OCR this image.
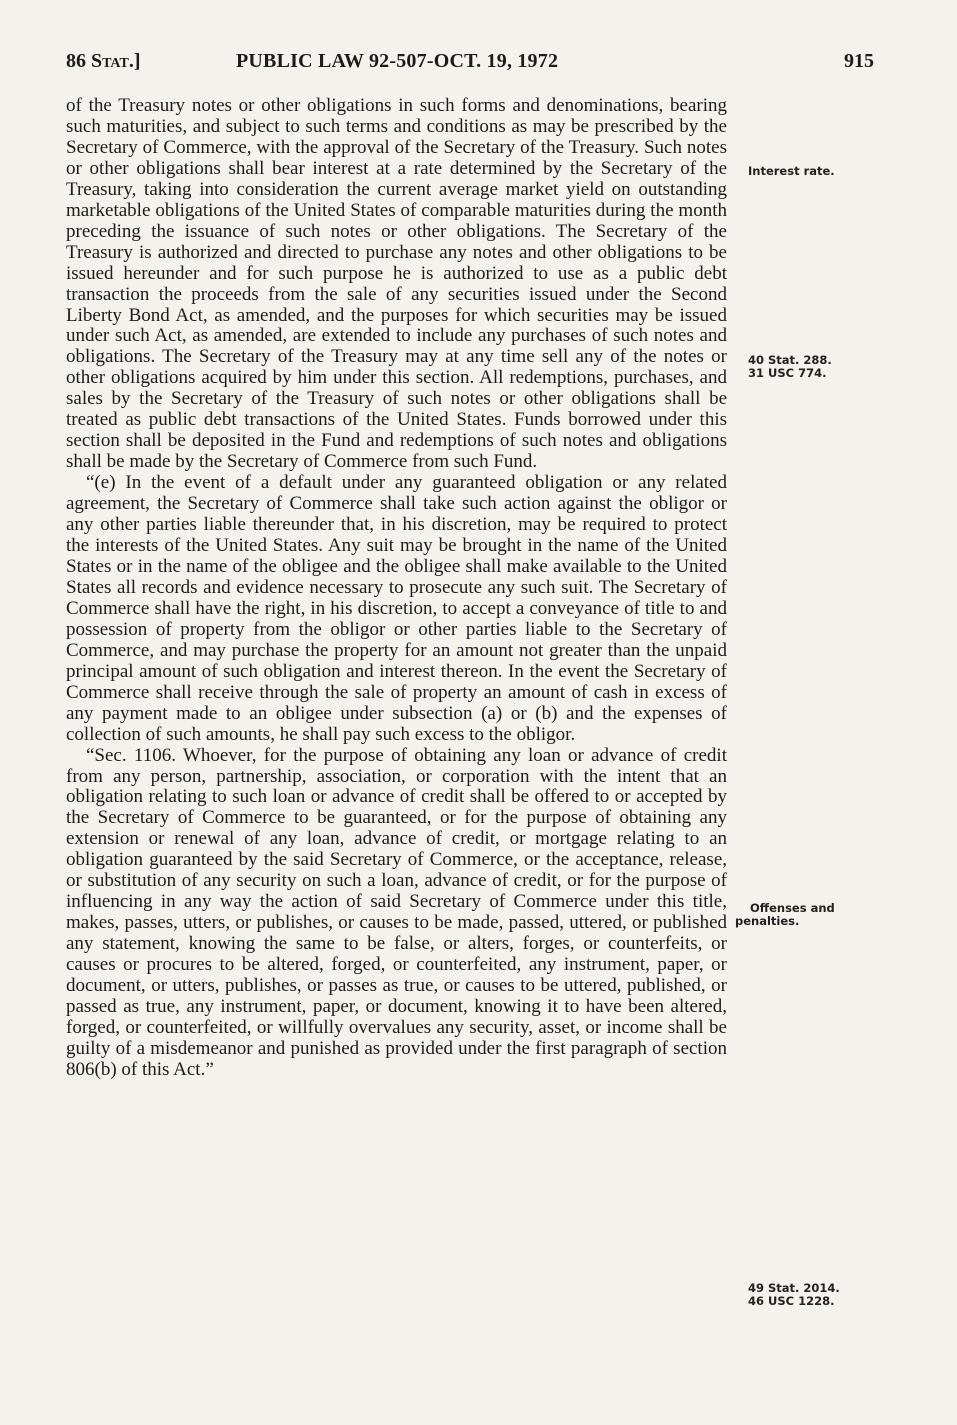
86 Stat.]	PUBLIC LAW 92-507-OCT. 19, 1972	915

of the Treasury notes or other obligations in such forms and denominations, bearing such maturities, and subject to such terms and conditions as may be prescribed by the Secretary of Commerce, with the approval of the Secretary of the Treasury. Such notes or other obligations shall bear interest at a rate determined by the Secretary of the Treasury, taking into consideration the current average market yield on outstanding marketable obligations of the United States of comparable maturities during the month preceding the issuance of such notes or other obligations. The Secretary of the Treasury is authorized and directed to purchase any notes and other obligations to be issued hereunder and for such purpose he is authorized to use as a public debt transaction the proceeds from the sale of any securities issued under the Second Liberty Bond Act, as amended, and the purposes for which securities may be issued under such Act, as amended, are extended to include any purchases of such notes and obligations. The Secretary of the Treasury may at any time sell any of the notes or other obligations acquired by him under this section. All redemptions, purchases, and sales by the Secretary of the Treasury of such notes or other obligations shall be treated as public debt transactions of the United States. Funds borrowed under this section shall be deposited in the Fund and redemptions of such notes and obligations shall be made by the Secretary of Commerce from such Fund.

“(e) In the event of a default under any guaranteed obligation or any related agreement, the Secretary of Commerce shall take such action against the obligor or any other parties liable thereunder that, in his discretion, may be required to protect the interests of the United States. Any suit may be brought in the name of the United States or in the name of the obligee and the obligee shall make available to the United States all records and evidence necessary to prosecute any such suit. The Secretary of Commerce shall have the right, in his discretion, to accept a conveyance of title to and possession of property from the obligor or other parties liable to the Secretary of Commerce, and may purchase the property for an amount not greater than the unpaid principal amount of such obligation and interest thereon. In the event the Secretary of Commerce shall receive through the sale of property an amount of cash in excess of any payment made to an obligee under subsection (a) or (b) and the expenses of collection of such amounts, he shall pay such excess to the obligor.

“Sec. 1106. Whoever, for the purpose of obtaining any loan or advance of credit from any person, partnership, association, or corporation with the intent that an obligation relating to such loan or advance of credit shall be offered to or accepted by the Secretary of Commerce to be guaranteed, or for the purpose of obtaining any extension or renewal of any loan, advance of credit, or mortgage relating to an obligation guaranteed by the said Secretary of Commerce, or the acceptance, release, or substitution of any security on such a loan, advance of credit, or for the purpose of influencing in any way the action of said Secretary of Commerce under this title, makes, passes, utters, or publishes, or causes to be made, passed, uttered, or published any statement, knowing the same to be false, or alters, forges, or counterfeits, or causes or procures to be altered, forged, or counterfeited, any instrument, paper, or document, or utters, publishes, or passes as true, or causes to be uttered, published, or passed as true, any instrument, paper, or document, knowing it to have been altered, forged, or counterfeited, or willfully overvalues any security, asset, or income shall be guilty of a misdemeanor and punished as provided under the first paragraph of section 806(b) of this Act.”

Interest rate.
40 Stat. 288.
31 USC 774.
Offenses and
penalties.
49 Stat. 2014.
46 USC 1228.
